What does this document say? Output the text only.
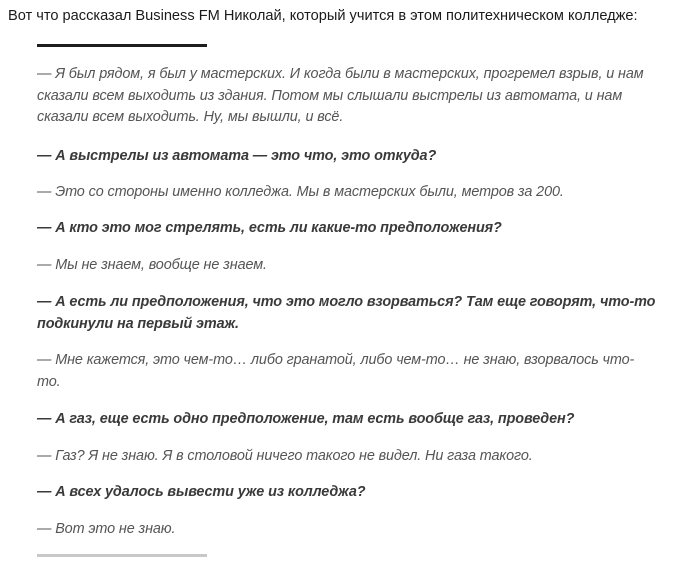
Вот что рассказал Business FM Николай, который учится в этом политехническом колледже:

— Я был рядом, я был у мастерских. И когда были в мастерских, прогремел взрыв, и нам сказали всем выходить из здания. Потом мы слышали выстрелы из автомата, и нам сказали всем выходить. Ну, мы вышли, и всё.

— А выстрелы из автомата — это что, это откуда?

— Это со стороны именно колледжа. Мы в мастерских были, метров за 200.

— А кто это мог стрелять, есть ли какие-то предположения?

— Мы не знаем, вообще не знаем.

— А есть ли предположения, что это могло взорваться? Там еще говорят, что-то подкинули на первый этаж.

— Мне кажется, это чем-то… либо гранатой, либо чем-то… не знаю, взорвалось что-то.

— А газ, еще есть одно предположение, там есть вообще газ, проведен?

— Газ? Я не знаю. Я в столовой ничего такого не видел. Ни газа такого.

— А всех удалось вывести уже из колледжа?

— Вот это не знаю.
